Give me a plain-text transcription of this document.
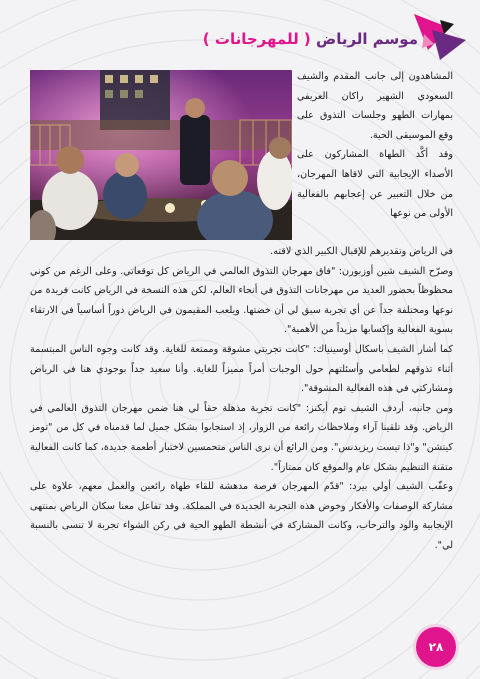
موسم الرياض ( للمهرجانات )

المشاهدون إلى جانب المقدم والشيف السعودي الشهير راكان العريفي بمهارات الطهو وجلسات التذوق على وقع الموسيقى الحية.

وقد أكَّد الطهاة المشاركون على الأصداء الإيجابية التي لاقاها المهرجان، من خلال التعبير عن إعجابهم بالفعالية الأولى من نوعها

في الرياض وتقديرهم للإقبال الكبير الذي لاقته.

وصرّح الشيف شين أوزبورن: "فاق مهرجان التذوق العالمي في الرياض كل توقعاتي. وعلى الرغم من كوني محظوظاً بحضور العديد من مهرجانات التذوق في أنحاء العالم، لكن هذه النسخة في الرياض كانت فريدة من نوعها ومختلفة جداً عن أي تجربة سبق لي أن خضتها. ويلعب المقيمون في الرياض دوراً أساسياً في الارتقاء بسوية الفعالية وإكسابها مزيداً من الأهمية".

كما أشار الشيف باسكال أوسينياك: "كانت تجربتي مشوقة وممتعة للغاية. وقد كانت وجوه الناس المبتسمة أثناء تذوقهم لطعامي وأسئلتهم حول الوجبات أمراً مميزاً للغاية. وأنا سعيد جداً بوجودي هنا في الرياض ومشاركتي في هذه الفعالية المشوقة".

ومن جانبه، أردف الشيف توم أيكنز: "كانت تجربة مذهلة حقاً لي هنا ضمن مهرجان التذوق العالمي في الرياض. وقد تلقينا آراء وملاحظات رائعة من الزوار، إذ استجابوا بشكل جميل لما قدمناه في كل من "تومز كيتشن" و"ذا تيست ريزيدنس". ومن الرائع أن نرى الناس متحمسين لاختبار أطعمة جديدة، كما كانت الفعالية متقنة التنظيم بشكل عام والموقع كان ممتازاً".

وعقّب الشيف أولي بيرد: "قدّم المهرجان فرصة مدهشة للقاء طهاة رائعين والعمل معهم، علاوة على مشاركة الوصفات والأفكار وخوض هذه التجربة الجديدة في المملكة. وقد تفاعل معنا سكان الرياض بمنتهى الإيجابية والود والترحاب، وكانت المشاركة في أنشطة الطهو الحية في ركن الشواء تجربة لا تنسى بالنسبة لي".

٢٨
